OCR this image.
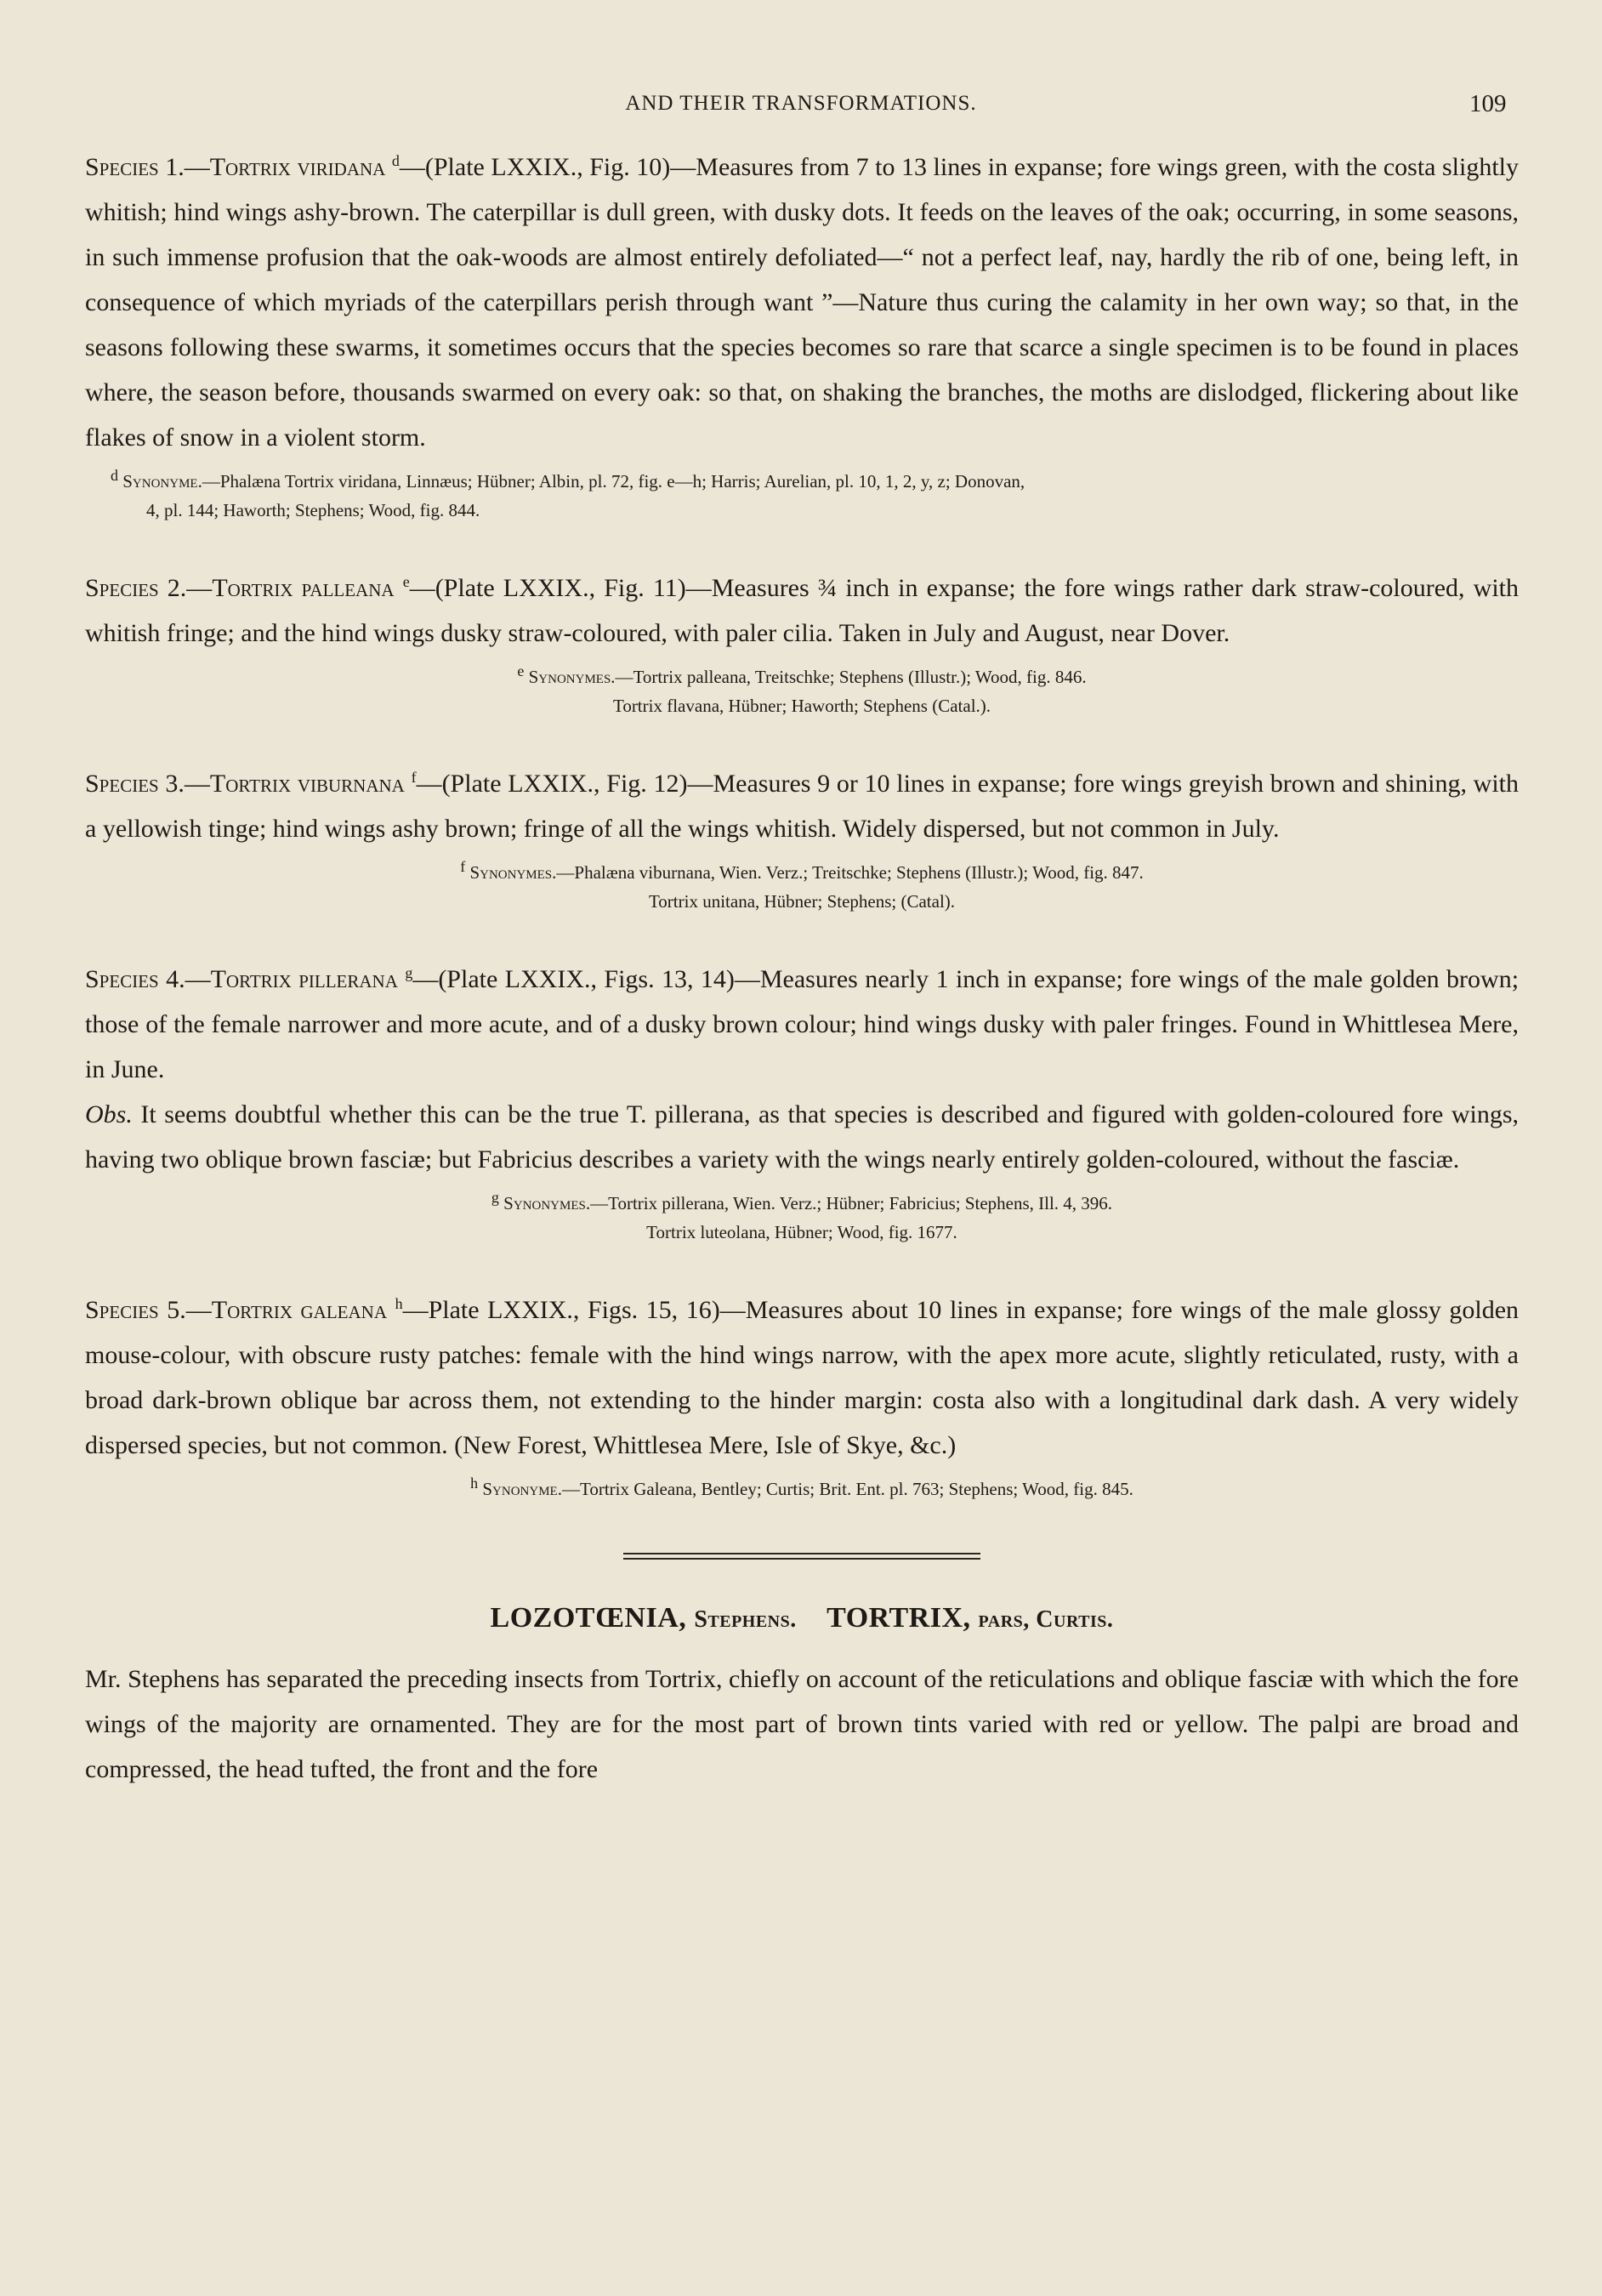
AND THEIR TRANSFORMATIONS.	109

Species 1.—Tortrix viridana $^d$—(Plate LXXIX., Fig. 10)—Measures from 7 to 13 lines in expanse; fore wings green, with the costa slightly whitish; hind wings ashy-brown. The caterpillar is dull green, with dusky dots. It feeds on the leaves of the oak; occurring, in some seasons, in such immense profusion that the oak-woods are almost entirely defoliated—“ not a perfect leaf, nay, hardly the rib of one, being left, in consequence of which myriads of the caterpillars perish through want ”—Nature thus curing the calamity in her own way; so that, in the seasons following these swarms, it sometimes occurs that the species becomes so rare that scarce a single specimen is to be found in places where, the season before, thousands swarmed on every oak: so that, on shaking the branches, the moths are dislodged, flickering about like flakes of snow in a violent storm.

d Synonyme.—Phalæna Tortrix viridana, Linnæus; Hübner; Albin, pl. 72, fig. e—h; Harris; Aurelian, pl. 10, 1, 2, y, z; Donovan,
4, pl. 144; Haworth; Stephens; Wood, fig. 844.

Species 2.—Tortrix palleana $^e$—(Plate LXXIX., Fig. 11)—Measures ¾ inch in expanse; the fore wings rather dark straw-coloured, with whitish fringe; and the hind wings dusky straw-coloured, with paler cilia. Taken in July and August, near Dover.

e Synonymes.—Tortrix palleana, Treitschke; Stephens (Illustr.); Wood, fig. 846.
Tortrix flavana, Hübner; Haworth; Stephens (Catal.).

Species 3.—Tortrix viburnana $^f$—(Plate LXXIX., Fig. 12)—Measures 9 or 10 lines in expanse; fore wings greyish brown and shining, with a yellowish tinge; hind wings ashy brown; fringe of all the wings whitish. Widely dispersed, but not common in July.

f Synonymes.—Phalæna viburnana, Wien. Verz.; Treitschke; Stephens (Illustr.); Wood, fig. 847.
Tortrix unitana, Hübner; Stephens; (Catal).

Species 4.—Tortrix pillerana $^g$—(Plate LXXIX., Figs. 13, 14)—Measures nearly 1 inch in expanse; fore wings of the male golden brown; those of the female narrower and more acute, and of a dusky brown colour; hind wings dusky with paler fringes. Found in Whittlesea Mere, in June.

Obs. It seems doubtful whether this can be the true T. pillerana, as that species is described and figured with golden-coloured fore wings, having two oblique brown fasciæ; but Fabricius describes a variety with the wings nearly entirely golden-coloured, without the fasciæ.

g Synonymes.—Tortrix pillerana, Wien. Verz.; Hübner; Fabricius; Stephens, Ill. 4, 396.
Tortrix luteolana, Hübner; Wood, fig. 1677.

Species 5.—Tortrix galeana $^h$—Plate LXXIX., Figs. 15, 16)—Measures about 10 lines in expanse; fore wings of the male glossy golden mouse-colour, with obscure rusty patches: female with the hind wings narrow, with the apex more acute, slightly reticulated, rusty, with a broad dark-brown oblique bar across them, not extending to the hinder margin: costa also with a longitudinal dark dash. A very widely dispersed species, but not common. (New Forest, Whittlesea Mere, Isle of Skye, &c.)

h Synonyme.—Tortrix Galeana, Bentley; Curtis; Brit. Ent. pl. 763; Stephens; Wood, fig. 845.
LOZOTŒNIA, Stephens. TORTRIX, pars, Curtis.

Mr. Stephens has separated the preceding insects from Tortrix, chiefly on account of the reticulations and oblique fasciæ with which the fore wings of the majority are ornamented. They are for the most part of brown tints varied with red or yellow. The palpi are broad and compressed, the head tufted, the front and the fore
